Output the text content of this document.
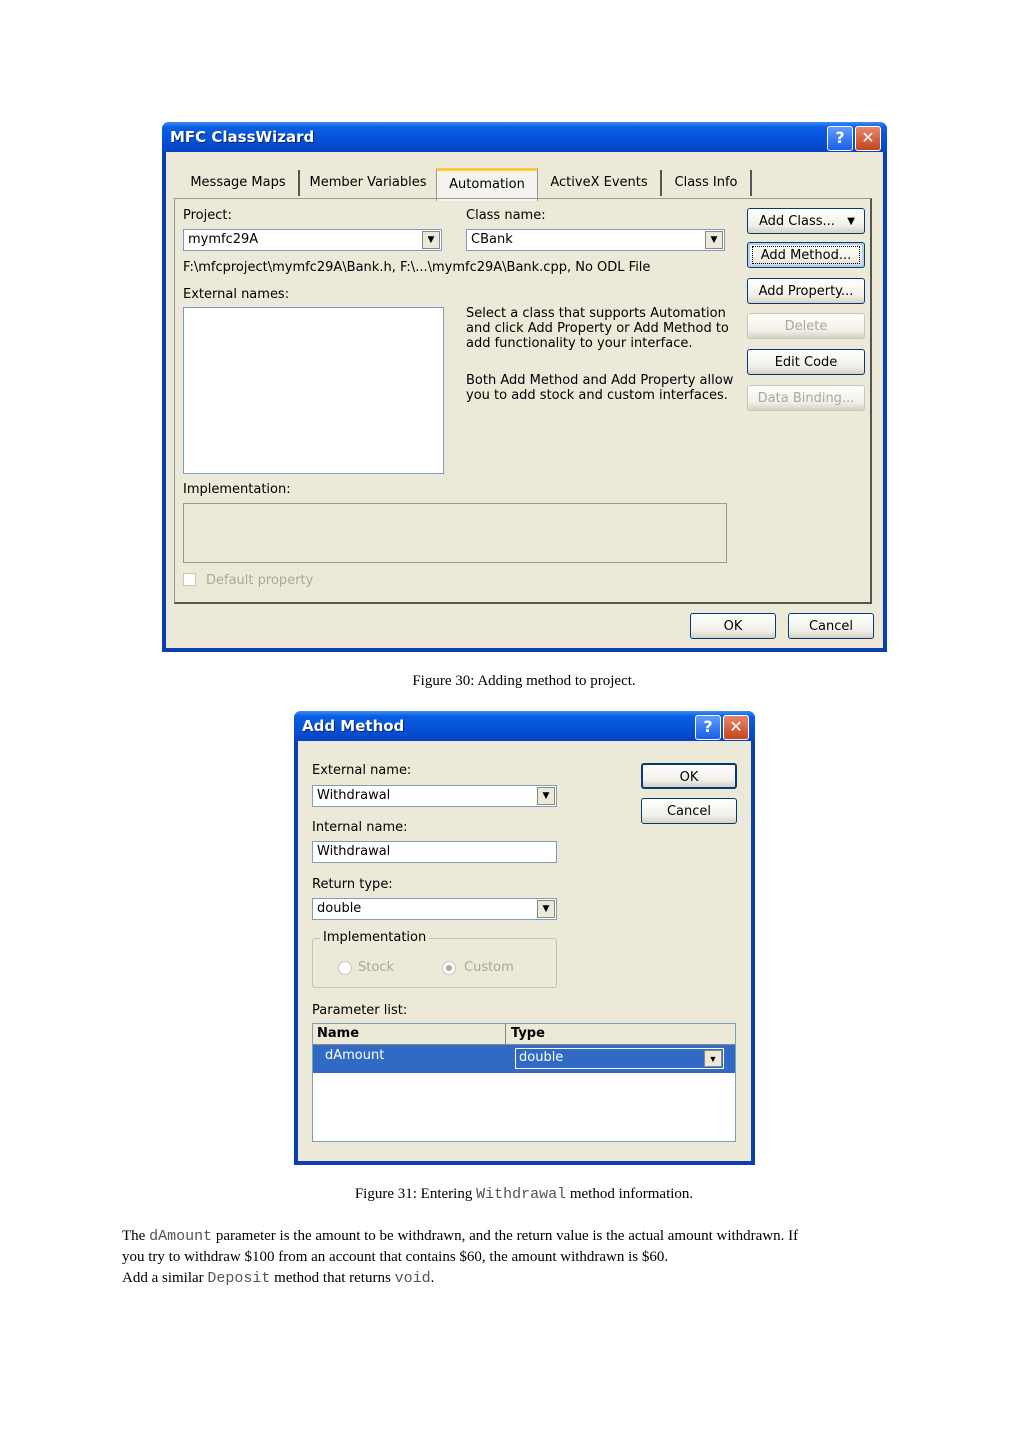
MFC ClassWizard	?	✕
Message Maps	Member Variables	Automation	ActiveX Events	Class Info
Project:
mymfc29A	▼
Class name:
CBank	▼
F:\mfcproject\mymfc29A\Bank.h, F:\...\mymfc29A\Bank.cpp, No ODL File
External names:
Select a class that supports Automation
and click Add Property or Add Method to
add functionality to your interface.
Both Add Method and Add Property allow
you to add stock and custom interfaces.
Implementation:
Default property
Add Class... ▼
Add Method...
Add Property...
Delete
Edit Code
Data Binding...
OK	Cancel
Figure 30: Adding method to project.
Add Method	?	✕
External name:
Withdrawal	▼
Internal name:
Withdrawal
Return type:
double	▼
Implementation
Stock	Custom
Parameter list:
Name	Type
dAmount	double	▼
OK
Cancel
Figure 31: Entering Withdrawal method information.
The dAmount parameter is the amount to be withdrawn, and the return value is the actual amount withdrawn. If
you try to withdraw $100 from an account that contains $60, the amount withdrawn is $60.
Add a similar Deposit method that returns void.
